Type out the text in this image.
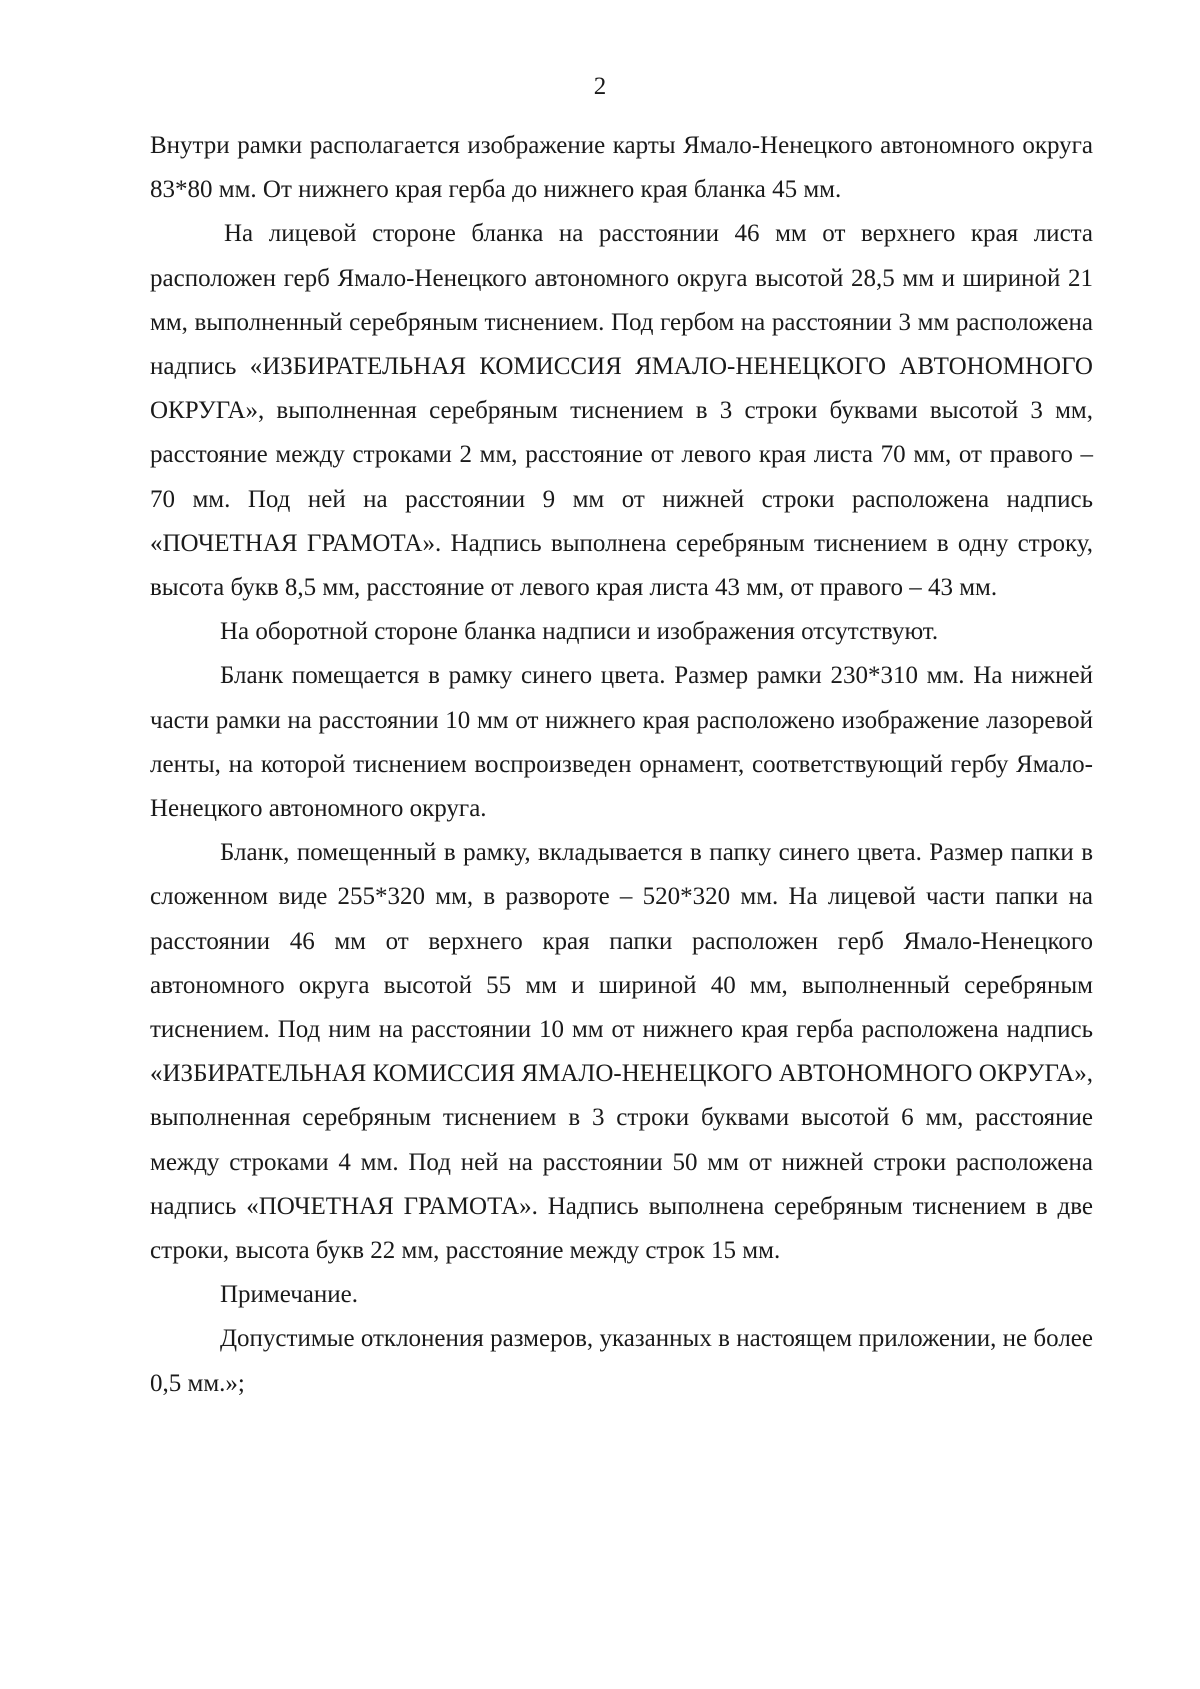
2

Внутри рамки располагается изображение карты Ямало-Ненецкого автономного округа 83*80 мм. От нижнего края герба до нижнего края бланка 45 мм.

На лицевой стороне бланка на расстоянии 46 мм от верхнего края листа расположен герб Ямало-Ненецкого автономного округа высотой 28,5 мм и шириной 21 мм, выполненный серебряным тиснением. Под гербом на расстоянии 3 мм расположена надпись «ИЗБИРАТЕЛЬНАЯ КОМИССИЯ ЯМАЛО-НЕНЕЦКОГО АВТОНОМНОГО ОКРУГА», выполненная серебряным тиснением в 3 строки буквами высотой 3 мм, расстояние между строками 2 мм, расстояние от левого края листа 70 мм, от правого – 70 мм. Под ней на расстоянии 9 мм от нижней строки расположена надпись «ПОЧЕТНАЯ ГРАМОТА». Надпись выполнена серебряным тиснением в одну строку, высота букв 8,5 мм, расстояние от левого края листа 43 мм, от правого – 43 мм.

На оборотной стороне бланка надписи и изображения отсутствуют.

Бланк помещается в рамку синего цвета. Размер рамки 230*310 мм. На нижней части рамки на расстоянии 10 мм от нижнего края расположено изображение лазоревой ленты, на которой тиснением воспроизведен орнамент, соответствующий гербу Ямало-Ненецкого автономного округа.

Бланк, помещенный в рамку, вкладывается в папку синего цвета. Размер папки в сложенном виде 255*320 мм, в развороте – 520*320 мм. На лицевой части папки на расстоянии 46 мм от верхнего края папки расположен герб Ямало-Ненецкого автономного округа высотой 55 мм и шириной 40 мм, выполненный серебряным тиснением. Под ним на расстоянии 10 мм от нижнего края герба расположена надпись «ИЗБИРАТЕЛЬНАЯ КОМИССИЯ ЯМАЛО-НЕНЕЦКОГО АВТОНОМНОГО ОКРУГА», выполненная серебряным тиснением в 3 строки буквами высотой 6 мм, расстояние между строками 4 мм. Под ней на расстоянии 50 мм от нижней строки расположена надпись «ПОЧЕТНАЯ ГРАМОТА». Надпись выполнена серебряным тиснением в две строки, высота букв 22 мм, расстояние между строк 15 мм.

Примечание.

Допустимые отклонения размеров, указанных в настоящем приложении, не более 0,5 мм.»;
